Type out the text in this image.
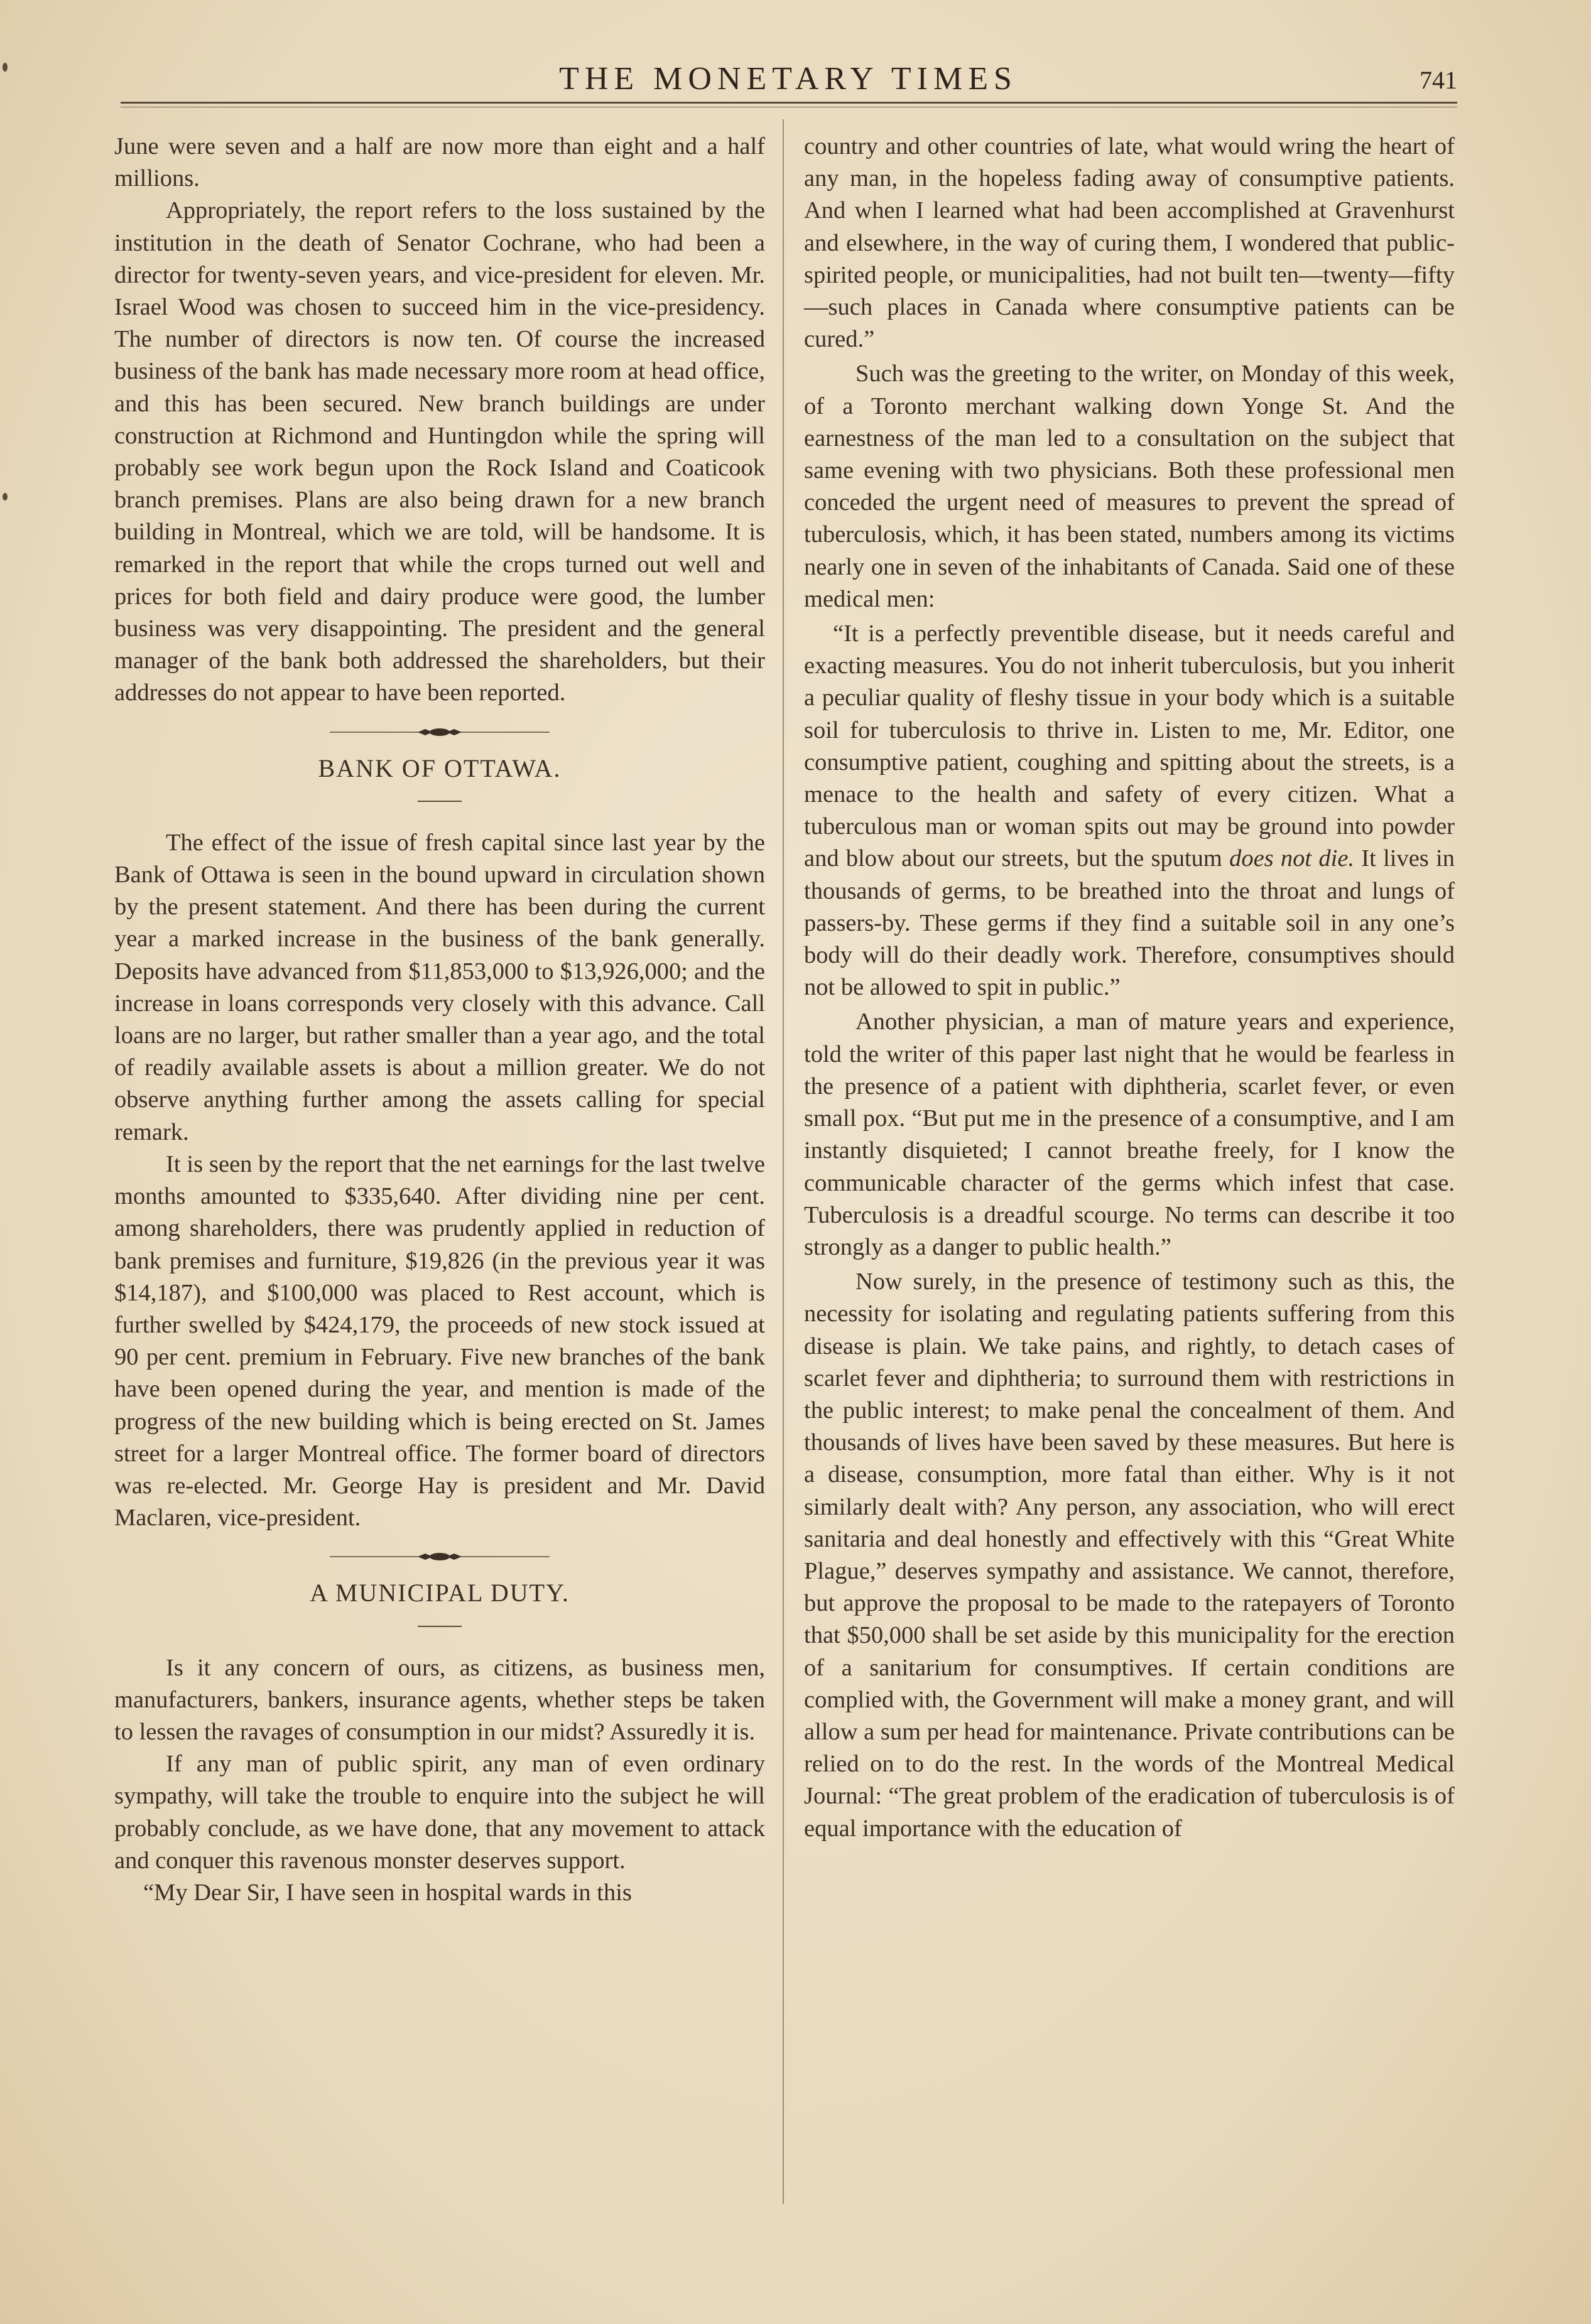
THE MONETARY TIMES	741

June were seven and a half are now more than eight and a half millions.

Appropriately, the report refers to the loss sustained by the institution in the death of Senator Cochrane, who had been a director for twenty-seven years, and vice-president for eleven. Mr. Israel Wood was chosen to succeed him in the vice-presidency. The number of directors is now ten. Of course the increased business of the bank has made necessary more room at head office, and this has been secured. New branch buildings are under construction at Richmond and Huntingdon while the spring will probably see work begun upon the Rock Island and Coaticook branch premises. Plans are also being drawn for a new branch building in Montreal, which we are told, will be handsome. It is remarked in the report that while the crops turned out well and prices for both field and dairy produce were good, the lumber business was very disappointing. The president and the general manager of the bank both addressed the shareholders, but their addresses do not appear to have been reported.

BANK OF OTTAWA.

The effect of the issue of fresh capital since last year by the Bank of Ottawa is seen in the bound upward in circulation shown by the present statement. And there has been during the current year a marked increase in the business of the bank generally. Deposits have advanced from $11,853,000 to $13,926,000; and the increase in loans corresponds very closely with this advance. Call loans are no larger, but rather smaller than a year ago, and the total of readily available assets is about a million greater. We do not observe anything further among the assets calling for special remark.

It is seen by the report that the net earnings for the last twelve months amounted to $335,640. After dividing nine per cent. among shareholders, there was prudently applied in reduction of bank premises and furniture, $19,826 (in the previous year it was $14,187), and $100,000 was placed to Rest account, which is further swelled by $424,179, the proceeds of new stock issued at 90 per cent. premium in February. Five new branches of the bank have been opened during the year, and mention is made of the progress of the new building which is being erected on St. James street for a larger Montreal office. The former board of directors was re-elected. Mr. George Hay is president and Mr. David Maclaren, vice-president.

A MUNICIPAL DUTY.

Is it any concern of ours, as citizens, as business men, manufacturers, bankers, insurance agents, whether steps be taken to lessen the ravages of consumption in our midst? Assuredly it is.

If any man of public spirit, any man of even ordinary sympathy, will take the trouble to enquire into the subject he will probably conclude, as we have done, that any movement to attack and conquer this ravenous monster deserves support.

“My Dear Sir, I have seen in hospital wards in this

country and other countries of late, what would wring the heart of any man, in the hopeless fading away of consumptive patients. And when I learned what had been accomplished at Gravenhurst and elsewhere, in the way of curing them, I wondered that public-spirited people, or municipalities, had not built ten—twenty—fifty—such places in Canada where consumptive patients can be cured.”

Such was the greeting to the writer, on Monday of this week, of a Toronto merchant walking down Yonge St. And the earnestness of the man led to a consultation on the subject that same evening with two physicians. Both these professional men conceded the urgent need of measures to prevent the spread of tuberculosis, which, it has been stated, numbers among its victims nearly one in seven of the inhabitants of Canada. Said one of these medical men:

“It is a perfectly preventible disease, but it needs careful and exacting measures. You do not inherit tuberculosis, but you inherit a peculiar quality of fleshy tissue in your body which is a suitable soil for tuberculosis to thrive in. Listen to me, Mr. Editor, one consumptive patient, coughing and spitting about the streets, is a menace to the health and safety of every citizen. What a tuberculous man or woman spits out may be ground into powder and blow about our streets, but the sputum does not die. It lives in thousands of germs, to be breathed into the throat and lungs of passers-by. These germs if they find a suitable soil in any one’s body will do their deadly work. Therefore, consumptives should not be allowed to spit in public.”

Another physician, a man of mature years and experience, told the writer of this paper last night that he would be fearless in the presence of a patient with diphtheria, scarlet fever, or even small pox. “But put me in the presence of a consumptive, and I am instantly disquieted; I cannot breathe freely, for I know the communicable character of the germs which infest that case. Tuberculosis is a dreadful scourge. No terms can describe it too strongly as a danger to public health.”

Now surely, in the presence of testimony such as this, the necessity for isolating and regulating patients suffering from this disease is plain. We take pains, and rightly, to detach cases of scarlet fever and diphtheria; to surround them with restrictions in the public interest; to make penal the concealment of them. And thousands of lives have been saved by these measures. But here is a disease, consumption, more fatal than either. Why is it not similarly dealt with? Any person, any association, who will erect sanitaria and deal honestly and effectively with this “Great White Plague,” deserves sympathy and assistance. We cannot, therefore, but approve the proposal to be made to the ratepayers of Toronto that $50,000 shall be set aside by this municipality for the erection of a sanitarium for consumptives. If certain conditions are complied with, the Government will make a money grant, and will allow a sum per head for maintenance. Private contributions can be relied on to do the rest. In the words of the Montreal Medical Journal: “The great problem of the eradication of tuberculosis is of equal importance with the education of
